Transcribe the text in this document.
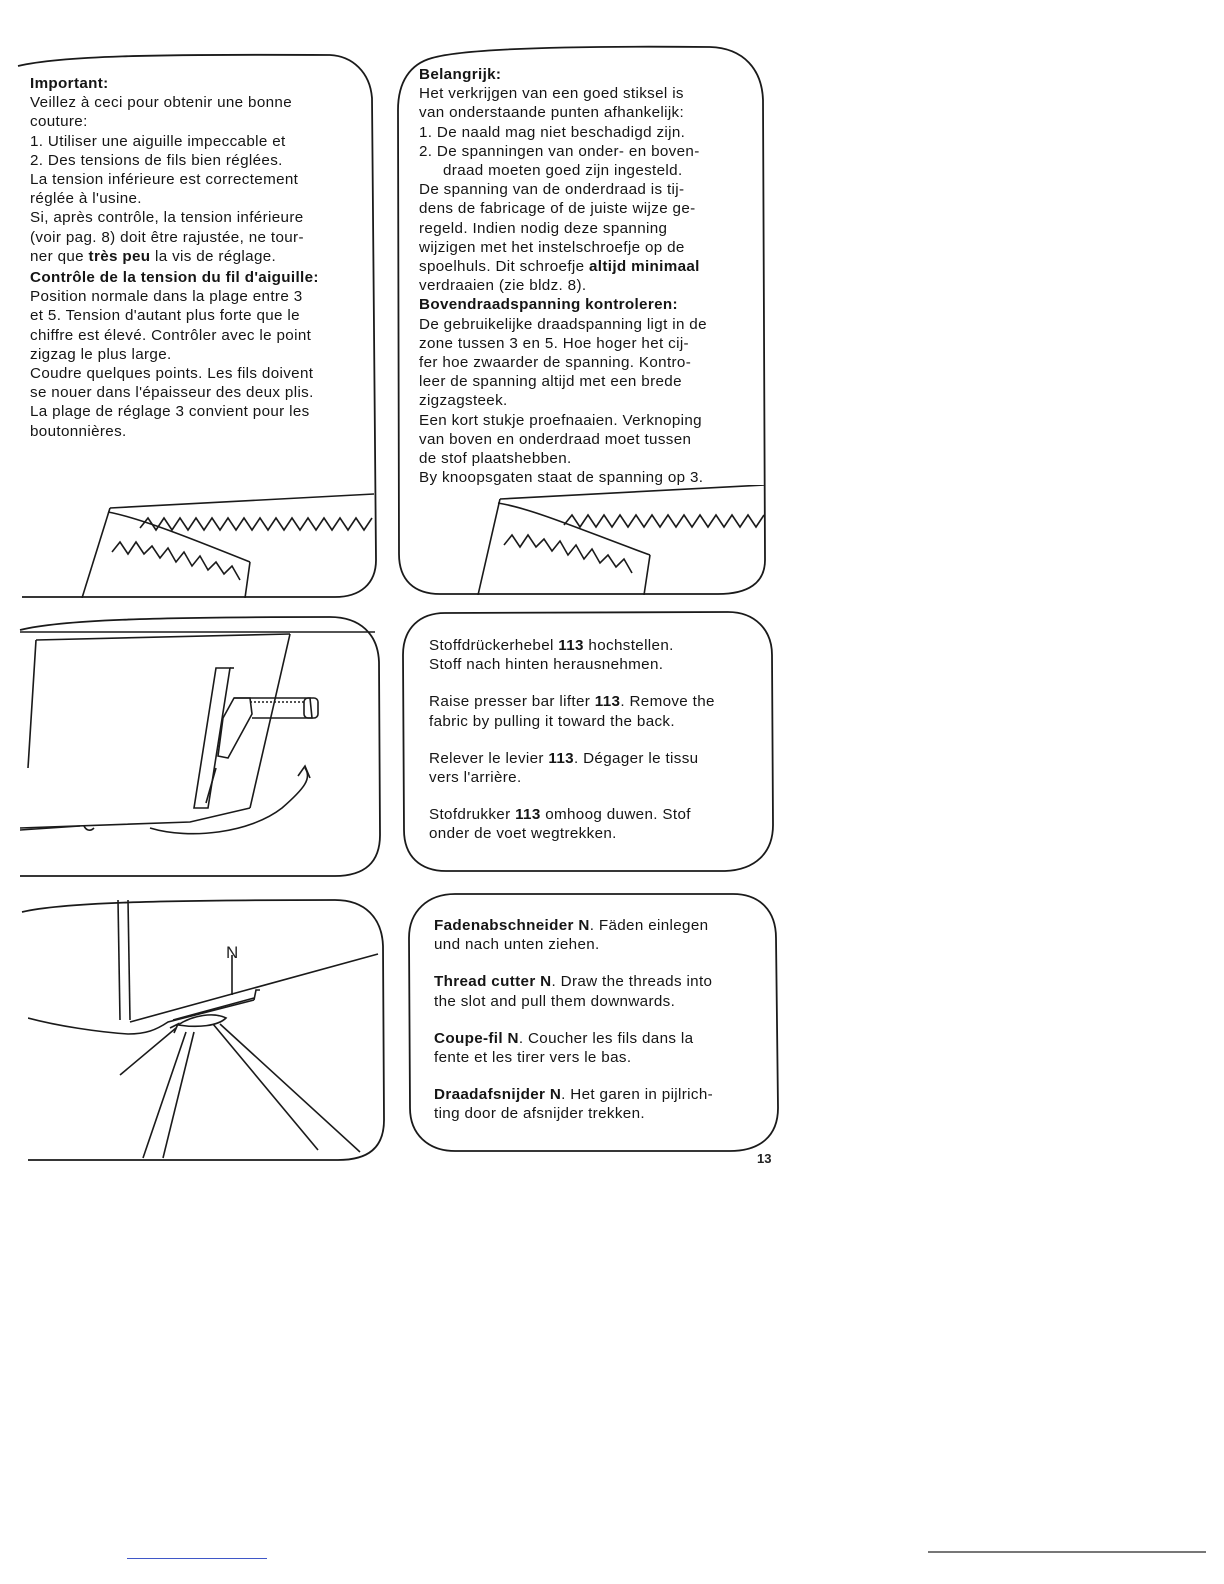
N

Important:

Veillez à ceci pour obtenir une bonne

couture:

1. Utiliser une aiguille impeccable et

2. Des tensions de fils bien réglées.

La tension inférieure est correctement

réglée à l'usine.

Si, après contrôle, la tension inférieure

(voir pag. 8) doit être rajustée, ne tour-

ner que très peu la vis de réglage.

Contrôle de la tension du fil d'aiguille:

Position normale dans la plage entre 3

et 5. Tension d'autant plus forte que le

chiffre est élevé. Contrôler avec le point

zigzag le plus large.

Coudre quelques points. Les fils doivent

se nouer dans l'épaisseur des deux plis.

La plage de réglage 3 convient pour les

boutonnières.

Belangrijk:

Het verkrijgen van een goed stiksel is

van onderstaande punten afhankelijk:

1. De naald mag niet beschadigd zijn.

2. De spanningen van onder- en boven-

draad moeten goed zijn ingesteld.

De spanning van de onderdraad is tij-

dens de fabricage of de juiste wijze ge-

regeld. Indien nodig deze spanning

wijzigen met het instelschroefje op de

spoelhuls. Dit schroefje altijd minimaal

verdraaien (zie bldz. 8).

Bovendraadspanning kontroleren:

De gebruikelijke draadspanning ligt in de

zone tussen 3 en 5. Hoe hoger het cij-

fer hoe zwaarder de spanning. Kontro-

leer de spanning altijd met een brede

zigzagsteek.

Een kort stukje proefnaaien. Verknoping

van boven en onderdraad moet tussen

de stof plaatshebben.

By knoopsgaten staat de spanning op 3.

Stoffdrückerhebel 113 hochstellen.

Stoff nach hinten herausnehmen.

Raise presser bar lifter 113. Remove the

fabric by pulling it toward the back.

Relever le levier 113. Dégager le tissu

vers l'arrière.

Stofdrukker 113 omhoog duwen. Stof

onder de voet wegtrekken.

Fadenabschneider N. Fäden einlegen

und nach unten ziehen.

Thread cutter N. Draw the threads into

the slot and pull them downwards.

Coupe-fil N. Coucher les fils dans la

fente et les tirer vers le bas.

Draadafsnijder N. Het garen in pijlrich-

ting door de afsnijder trekken.

13
